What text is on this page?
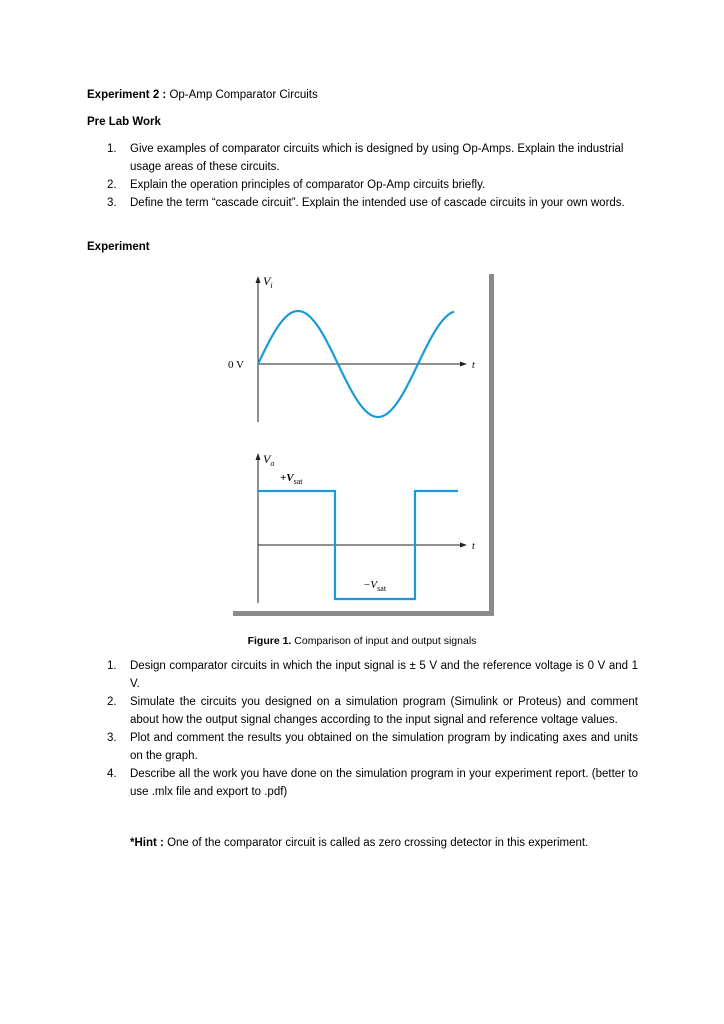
Experiment 2 : Op-Amp Comparator Circuits
Pre Lab Work
1. Give examples of comparator circuits which is designed by using Op-Amps. Explain the industrial usage areas of these circuits.
2. Explain the operation principles of comparator Op-Amp circuits briefly.
3. Define the term “cascade circuit”. Explain the intended use of cascade circuits in your own words.
Experiment
$V_i$
0 V	t
$V_o$
$+V_{sat}$
$-V_{sat}$
t
Figure 1. Comparison of input and output signals
1. Design comparator circuits in which the input signal is ± 5 V and the reference voltage is 0 V and 1 V.
2. Simulate the circuits you designed on a simulation program (Simulink or Proteus) and comment about how the output signal changes according to the input signal and reference voltage values.
3. Plot and comment the results you obtained on the simulation program by indicating axes and units on the graph.
4. Describe all the work you have done on the simulation program in your experiment report. (better to use .mlx file and export to .pdf)
*Hint : One of the comparator circuit is called as zero crossing detector in this experiment.
